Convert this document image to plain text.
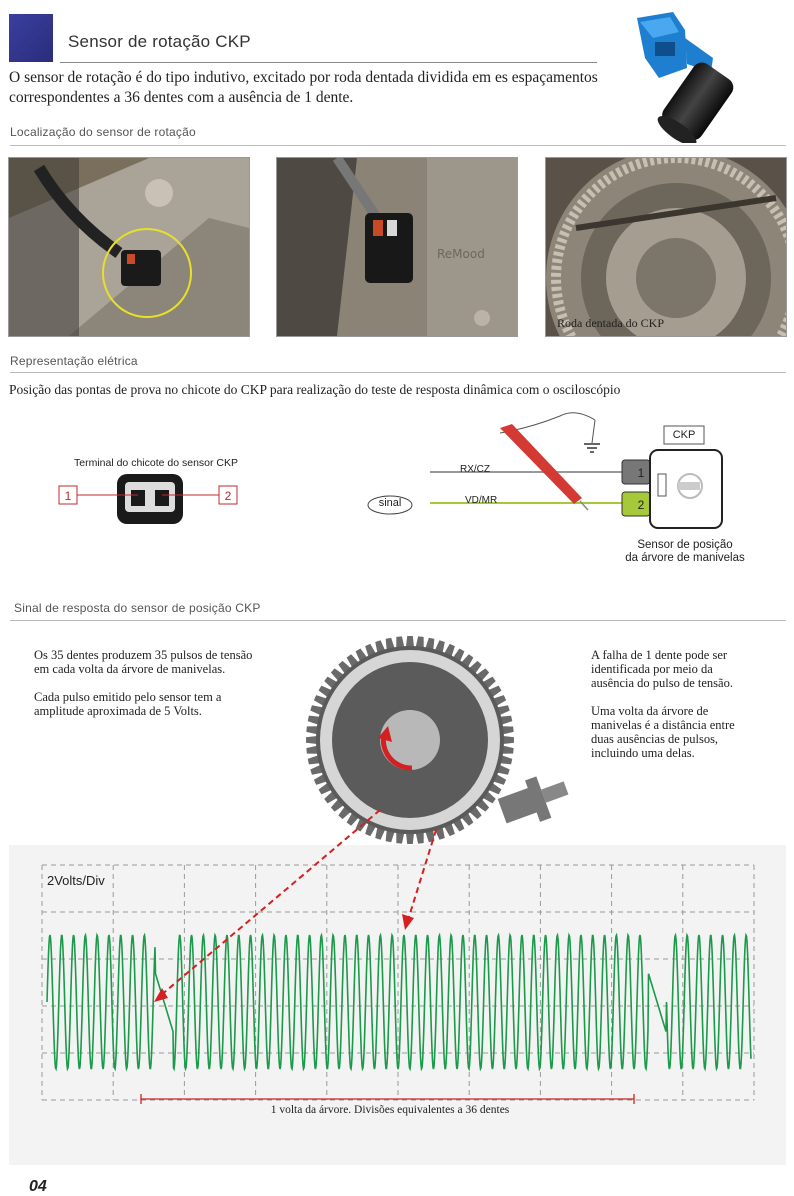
Sensor de rotação CKP
O sensor de rotação é do tipo indutivo, excitado por roda dentada dividida em es espaçamentos correspondentes a 36 dentes com a ausência de 1 dente.
Localização do sensor de rotação
ReMood
Roda dentada do CKP
Representação elétrica
Posição das pontas de prova no chicote do CKP para realização do teste de resposta dinâmica com o osciloscópio
Terminal do chicote do sensor CKP
1	2
RX/CZ
VD/MR
sinal
CKP
1
2
Sensor de posição
da árvore de manivelas
Sinal de resposta do sensor de posição CKP
Os 35 dentes produzem 35 pulsos de tensão
em cada volta da árvore de manivelas.
Cada pulso emitido pelo sensor tem a
amplitude aproximada de 5 Volts.
A falha de 1 dente pode ser
identificada por meio da
ausência do pulso de tensão.
Uma volta da árvore de
manivelas é a distância entre
duas ausências de pulsos,
incluindo uma delas.
2Volts/Div
1 volta da árvore. Divisões equivalentes a 36 dentes
04
